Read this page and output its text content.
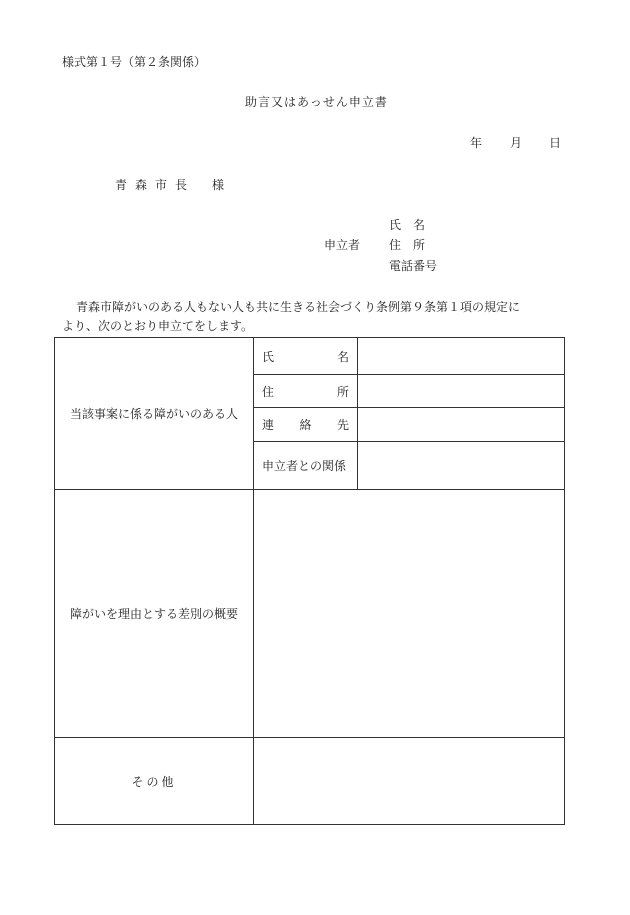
様式第１号（第２条関係）
助言又はあっせん申立書
年 月 日
青森市長 様
申立者
氏　名
住　所
電話番号
青森市障がいのある人もない人も共に生きる社会づくり条例第９条第１項の規定に
より、次のとおり申立てをします。
当該事案に係る障がいのある人
氏	名
住	所
連 絡 先
申立者との関係
障がいを理由とする差別の概要
その他
